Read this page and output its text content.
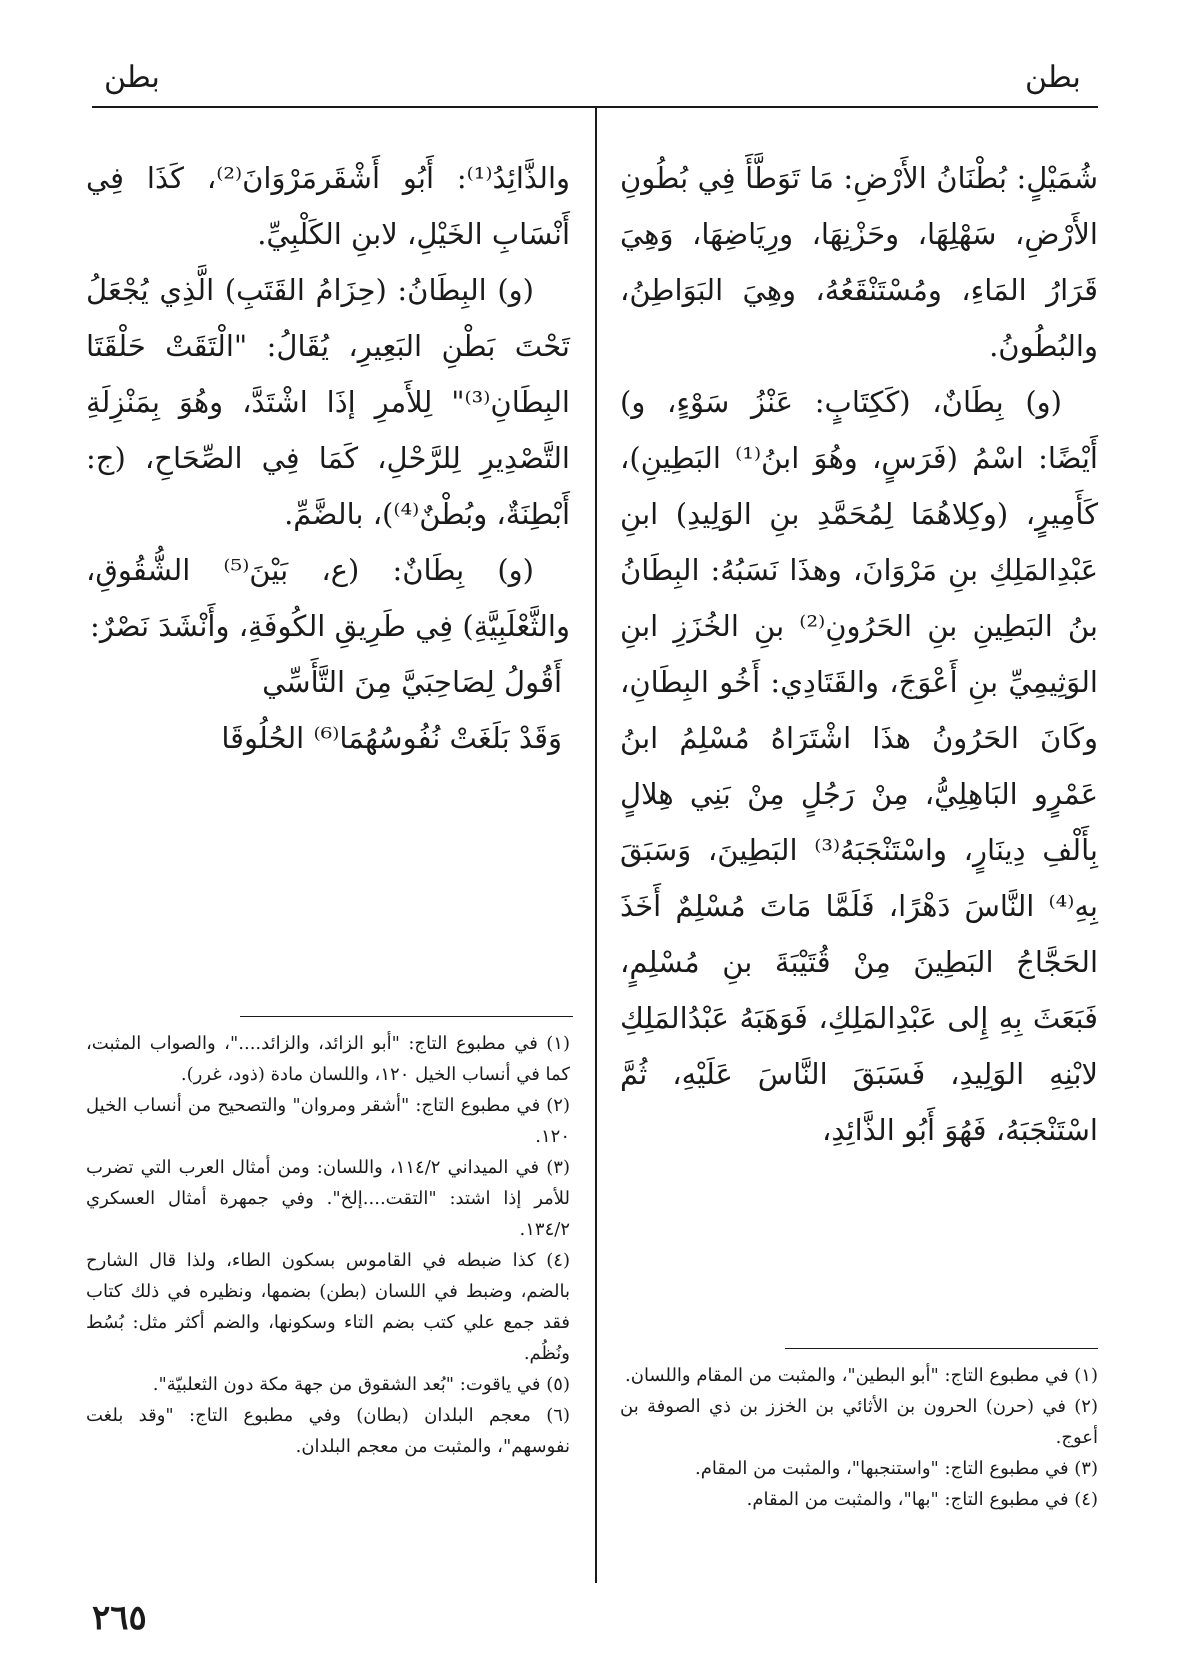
بطن	بطن

شُمَيْلٍ: بُطْنَانُ الأَرْضِ: مَا تَوَطَّأَ فِي بُطُونِ الأَرْضِ، سَهْلِهَا، وحَزْنِهَا، ورِيَاضِهَا، وَهِيَ قَرَارُ المَاءِ، ومُسْتَنْقَعُهُ، وهِيَ البَوَاطِنُ، والبُطُونُ.

(و) بِطَانٌ، (كَكِتَابٍ: عَنْزُ سَوْءٍ، و) أَيْضًا: اسْمُ (فَرَسٍ، وهُوَ ابنُ⁽¹⁾ البَطِينِ)، كَأَمِيرٍ، (وكِلاهُمَا لِمُحَمَّدِ بنِ الوَلِيدِ) ابنِ عَبْدِالمَلِكِ بنِ مَرْوَانَ، وهذَا نَسَبُهُ: البِطَانُ بنُ البَطِينِ بنِ الحَرُونِ⁽²⁾ بنِ الخُزَزِ ابنِ الوَثِيمِيِّ بنِ أَعْوَجَ، والقَتَادِي: أَخُو البِطَانِ، وكَانَ الحَرُونُ هذَا اشْتَرَاهُ مُسْلِمُ ابنُ عَمْرٍو البَاهِلِيُّ، مِنْ رَجُلٍ مِنْ بَنِي هِلالٍ بِأَلْفِ دِينَارٍ، واسْتَنْجَبَهُ⁽³⁾ البَطِينَ، وَسَبَقَ بِهِ⁽⁴⁾ النَّاسَ دَهْرًا، فَلَمَّا مَاتَ مُسْلِمٌ أَخَذَ الحَجَّاجُ البَطِينَ مِنْ قُتَيْبَةَ بنِ مُسْلِمٍ، فَبَعَثَ بِهِ إِلى عَبْدِالمَلِكِ، فَوَهَبَهُ عَبْدُالمَلِكِ لابْنِهِ الوَلِيدِ، فَسَبَقَ النَّاسَ عَلَيْهِ، ثُمَّ اسْتَنْجَبَهُ، فَهُوَ أَبُو الذَّائِدِ،

(١) في مطبوع التاج: "أبو البطين"، والمثبت من المقام واللسان.

(٢) في (حرن) الحرون بن الأثائي بن الخزز بن ذي الصوفة بن أعوج.

(٣) في مطبوع التاج: "واستنجبها"، والمثبت من المقام.

(٤) في مطبوع التاج: "بها"، والمثبت من المقام.

والذَّائِدُ⁽¹⁾: أَبُو أَشْقَرمَرْوَانَ⁽²⁾، كَذَا فِي أَنْسَابِ الخَيْلِ، لابنِ الكَلْبِيِّ.

(و) البِطَانُ: (حِزَامُ القَتَبِ) الَّذِي يُجْعَلُ تَحْتَ بَطْنِ البَعِيرِ، يُقَالُ: "الْتَقَتْ حَلْقَتَا البِطَانِ⁽³⁾" لِلأَمرِ إذَا اشْتَدَّ، وهُوَ بِمَنْزِلَةِ التَّصْدِيرِ لِلرَّحْلِ، كَمَا فِي الصِّحَاحِ، (ج: أَبْطِنَةٌ، وبُطْنٌ⁽⁴⁾)، بالضَّمِّ.

(و) بِطَانٌ: (ع، بَيْنَ⁽⁵⁾ الشُّقُوقِ، والثَّعْلَبِيَّةِ) فِي طَرِيقِ الكُوفَةِ، وأَنْشَدَ نَصْرٌ:

أَقُولُ لِصَاحِبَيَّ مِنَ التَّأَسِّي

وَقَدْ بَلَغَتْ نُفُوسُهُمَا⁽⁶⁾ الحُلُوقَا

(١) في مطبوع التاج: "أبو الزائد، والزائد...."، والصواب المثبت، كما في أنساب الخيل ١٢٠، واللسان مادة (ذود، غرر).

(٢) في مطبوع التاج: "أشقر ومروان" والتصحيح من أنساب الخيل ١٢٠.

(٣) في الميداني ١١٤/٢، واللسان: ومن أمثال العرب التي تضرب للأمر إذا اشتد: "التقت....إلخ". وفي جمهرة أمثال العسكري ١٣٤/٢.

(٤) كذا ضبطه في القاموس بسكون الطاء، ولذا قال الشارح بالضم، وضبط في اللسان (بطن) بضمها، ونظيره في ذلك كتاب فقد جمع علي كتب بضم التاء وسكونها، والضم أكثر مثل: بُسُط ونُظُم.

(٥) في ياقوت: "بُعد الشقوق من جهة مكة دون الثعلبيّة".

(٦) معجم البلدان (بطان) وفي مطبوع التاج: "وقد بلغت نفوسهم"، والمثبت من معجم البلدان.

٢٦٥
